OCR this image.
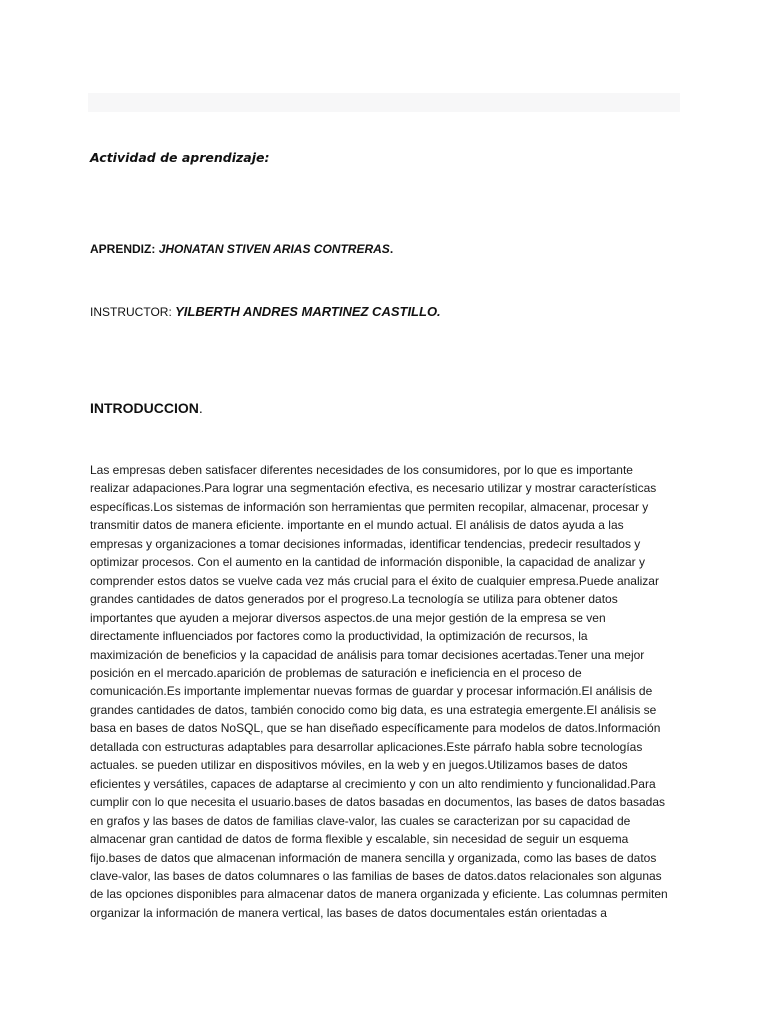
Actividad de aprendizaje:
APRENDIZ: JHONATAN STIVEN ARIAS CONTRERAS.
INSTRUCTOR: YILBERTH ANDRES MARTINEZ CASTILLO.
INTRODUCCION.
Las empresas deben satisfacer diferentes necesidades de los consumidores, por lo que es importante
realizar adapaciones.Para lograr una segmentación efectiva, es necesario utilizar y mostrar características
específicas.Los sistemas de información son herramientas que permiten recopilar, almacenar, procesar y
transmitir datos de manera eficiente. importante en el mundo actual. El análisis de datos ayuda a las
empresas y organizaciones a tomar decisiones informadas, identificar tendencias, predecir resultados y
optimizar procesos. Con el aumento en la cantidad de información disponible, la capacidad de analizar y
comprender estos datos se vuelve cada vez más crucial para el éxito de cualquier empresa.Puede analizar
grandes cantidades de datos generados por el progreso.La tecnología se utiliza para obtener datos
importantes que ayuden a mejorar diversos aspectos.de una mejor gestión de la empresa se ven
directamente influenciados por factores como la productividad, la optimización de recursos, la
maximización de beneficios y la capacidad de análisis para tomar decisiones acertadas.Tener una mejor
posición en el mercado.aparición de problemas de saturación e ineficiencia en el proceso de
comunicación.Es importante implementar nuevas formas de guardar y procesar información.El análisis de
grandes cantidades de datos, también conocido como big data, es una estrategia emergente.El análisis se
basa en bases de datos NoSQL, que se han diseñado específicamente para modelos de datos.Información
detallada con estructuras adaptables para desarrollar aplicaciones.Este párrafo habla sobre tecnologías
actuales. se pueden utilizar en dispositivos móviles, en la web y en juegos.Utilizamos bases de datos
eficientes y versátiles, capaces de adaptarse al crecimiento y con un alto rendimiento y funcionalidad.Para
cumplir con lo que necesita el usuario.bases de datos basadas en documentos, las bases de datos basadas
en grafos y las bases de datos de familias clave-valor, las cuales se caracterizan por su capacidad de
almacenar gran cantidad de datos de forma flexible y escalable, sin necesidad de seguir un esquema
fijo.bases de datos que almacenan información de manera sencilla y organizada, como las bases de datos
clave-valor, las bases de datos columnares o las familias de bases de datos.datos relacionales son algunas
de las opciones disponibles para almacenar datos de manera organizada y eficiente. Las columnas permiten
organizar la información de manera vertical, las bases de datos documentales están orientadas a
